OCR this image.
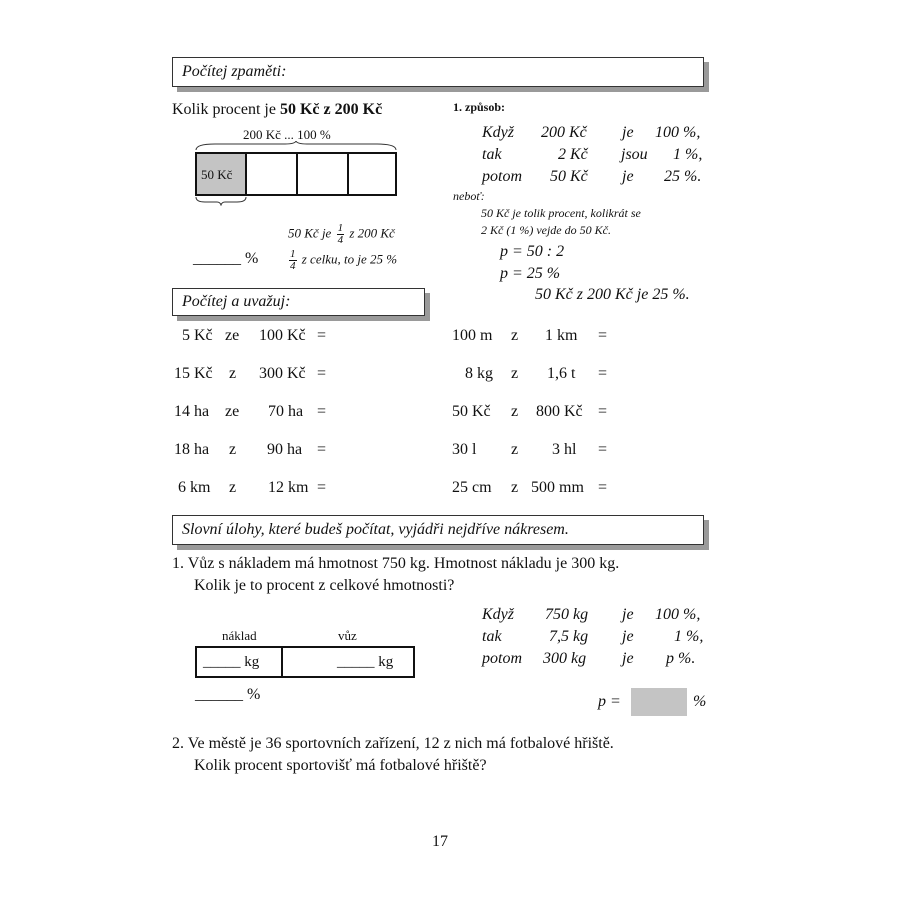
Počítej zpaměti:
Kolik procent je 50 Kč z 200 Kč
200 Kč ... 100 %
50 Kč
50 Kč je $\frac{1}{4}$ z 200 Kč
______ %	$\frac{1}{4}$ z celku, to je 25 %
1. způsob:
Když 200 Kč je 100 %,
tak	2 Kč jsou 1 %,
potom 50 Kč je 25 %.
neboť:
50 Kč je tolik procent, kolikrát se
2 Kč (1 %) vejde do 50 Kč.
p = 50 : 2
p = 25 %
50 Kč z 200 Kč je 25 %.
Počítej a uvažuj:
5 Kč ze 100 Kč =
15 Kč z 300 Kč =
14 ha ze 70 ha =
18 ha z 90 ha =
6 km z 12 km =
100 m z 1 km =
8 kg z 1,6 t =
50 Kč z 800 Kč =
30 l z 3 hl =
25 cm z 500 mm =
Slovní úlohy, které budeš počítat, vyjádři nejdříve nákresem.
1. Vůz s nákladem má hmotnost 750 kg. Hmotnost nákladu je 300 kg.
Kolik je to procent z celkové hmotnosti?
náklad	vůz
_____ kg	_____ kg
______ %
Když 750 kg je 100 %,
tak	7,5 kg je	1 %,
potom 300 kg je p %.
p =	%
2. Ve městě je 36 sportovních zařízení, 12 z nich má fotbalové hřiště.
Kolik procent sportovišť má fotbalové hřiště?
17
